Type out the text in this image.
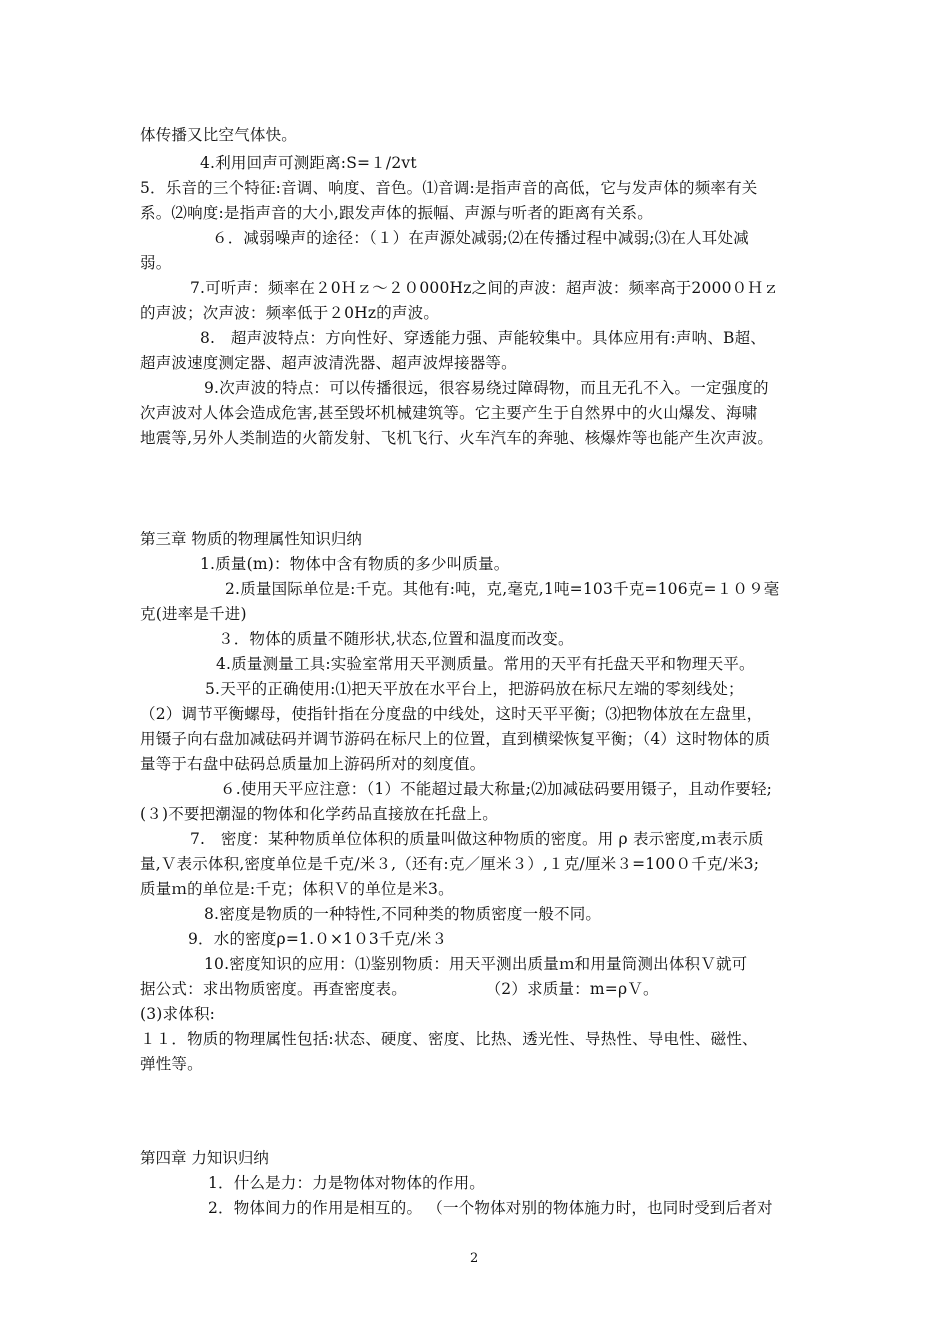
体传播又比空气体快。
4.利用回声可测距离:S=１/2vt
5．乐音的三个特征:音调、响度、音色。⑴音调:是指声音的高低，它与发声体的频率有关
系。⑵响度:是指声音的大小,跟发声体的振幅、声源与听者的距离有关系。
６．减弱噪声的途径：（１）在声源处减弱;⑵在传播过程中减弱;⑶在人耳处减
弱。
7.可听声：频率在２0Ｈｚ～２０000Hz之间的声波：超声波：频率高于2000０Ｈｚ
的声波；次声波：频率低于２0Hz的声波。
8.　超声波特点：方向性好、穿透能力强、声能较集中。具体应用有:声呐、B超、
超声波速度测定器、超声波清洗器、超声波焊接器等。
9.次声波的特点：可以传播很远，很容易绕过障碍物，而且无孔不入。一定强度的
次声波对人体会造成危害,甚至毁坏机械建筑等。它主要产生于自然界中的火山爆发、海啸
地震等,另外人类制造的火箭发射、飞机飞行、火车汽车的奔驰、核爆炸等也能产生次声波。
第三章 物质的物理属性知识归纳
1.质量(m)：物体中含有物质的多少叫质量。
2.质量国际单位是:千克。其他有:吨，克,毫克,1吨=103千克=106克=１０９毫
克(进率是千进)
３．物体的质量不随形状,状态,位置和温度而改变。
4.质量测量工具:实验室常用天平测质量。常用的天平有托盘天平和物理天平。
5.天平的正确使用:⑴把天平放在水平台上，把游码放在标尺左端的零刻线处；
（2）调节平衡螺母，使指针指在分度盘的中线处，这时天平平衡；⑶把物体放在左盘里，
用镊子向右盘加减砝码并调节游码在标尺上的位置，直到横梁恢复平衡；（4）这时物体的质
量等于右盘中砝码总质量加上游码所对的刻度值。
６.使用天平应注意：（1）不能超过最大称量;⑵加减砝码要用镊子，且动作要轻;
(３)不要把潮湿的物体和化学药品直接放在托盘上。
7.　密度：某种物质单位体积的质量叫做这种物质的密度。用 ρ 表示密度,ｍ表示质
量,Ｖ表示体积,密度单位是千克/米３,（还有:克／厘米３）,１克/厘米３=100０千克/米3;
质量ｍ的单位是:千克；体积Ｖ的单位是米3。
8.密度是物质的一种特性,不同种类的物质密度一般不同。
9．水的密度ρ=1.０×1０3千克/米３
10.密度知识的应用：⑴鉴别物质：用天平测出质量ｍ和用量筒测出体积Ｖ就可
据公式：求出物质密度。再查密度表。　　　　　　（2）求质量：m=ρＶ。
(3)求体积:
１１．物质的物理属性包括:状态、硬度、密度、比热、透光性、导热性、导电性、磁性、
弹性等。
第四章 力知识归纳
1．什么是力：力是物体对物体的作用。
2．物体间力的作用是相互的。 （一个物体对别的物体施力时，也同时受到后者对
2
